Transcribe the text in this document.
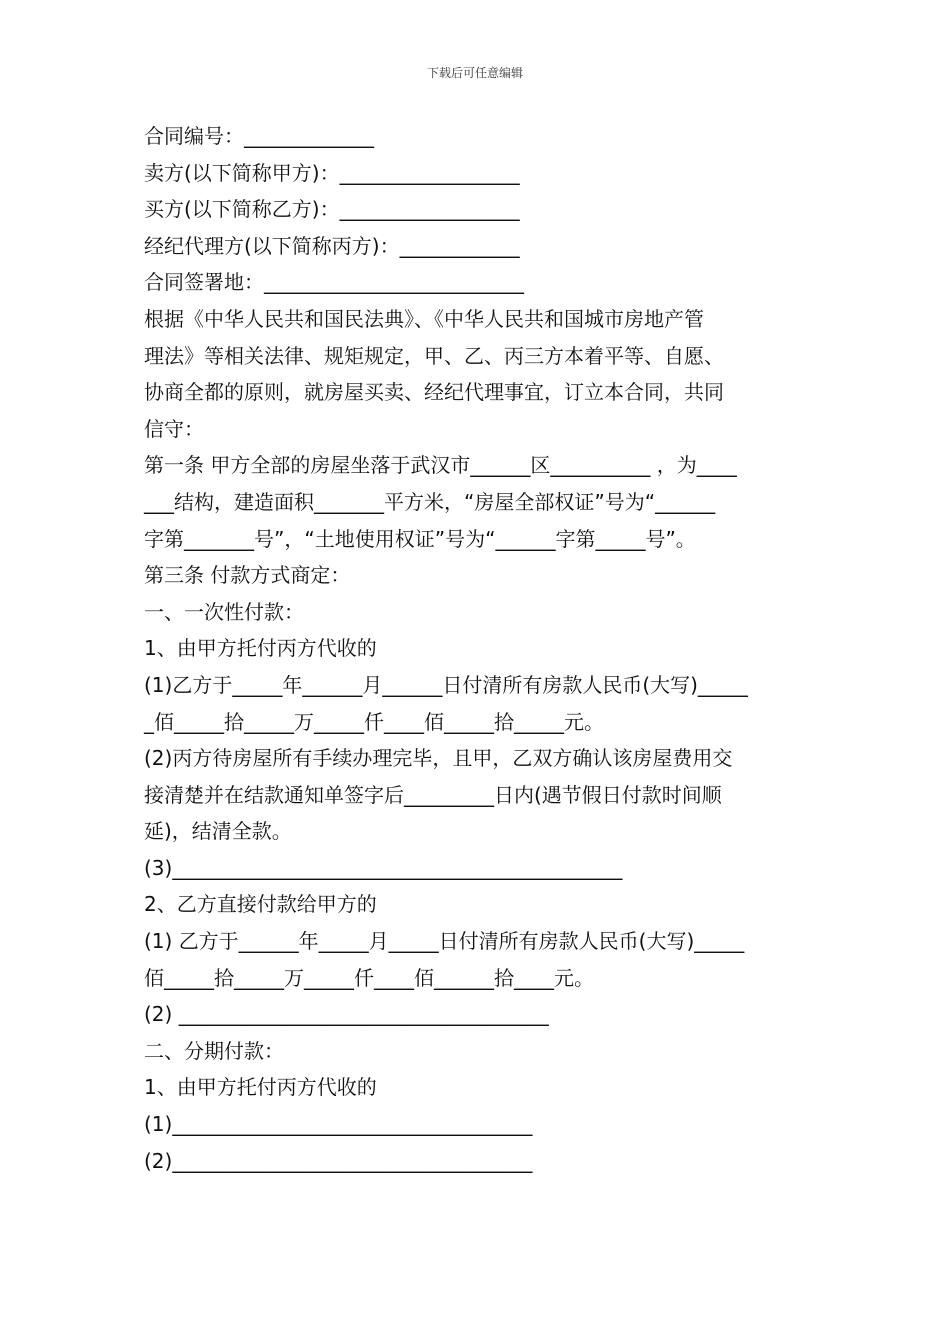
下载后可任意编辑

合同编号：_____________

卖方(以下简称甲方)：__________________

买方(以下简称乙方)：__________________

经纪代理方(以下简称丙方)：____________

合同签署地：__________________________

根据《中华人民共和国民法典》、《中华人民共和国城市房地产管

理法》等相关法律、规矩规定，甲、乙、丙三方本着平等、自愿、

协商全都的原则，就房屋买卖、经纪代理事宜，订立本合同，共同

信守：

第一条 甲方全部的房屋坐落于武汉市______区__________ ，为____

___结构，建造面积_______平方米，“房屋全部权证”号为“______

字第_______号”，“土地使用权证”号为“______字第_____号”。

第三条 付款方式商定：

一、一次性付款：

1、由甲方托付丙方代收的

(1)乙方于_____年______月______日付清所有房款人民币(大写)_____

_佰_____拾_____万_____仟____佰_____拾_____元。

(2)丙方待房屋所有手续办理完毕，且甲，乙双方确认该房屋费用交

接清楚并在结款通知单签字后_________日内(遇节假日付款时间顺

延)，结清全款。

(3)_____________________________________________

2、乙方直接付款给甲方的

(1) 乙方于______年_____月_____日付清所有房款人民币(大写)_____

佰_____拾_____万_____仟____佰______拾____元。

(2) _____________________________________

二、分期付款：

1、由甲方托付丙方代收的

(1)____________________________________

(2)____________________________________
